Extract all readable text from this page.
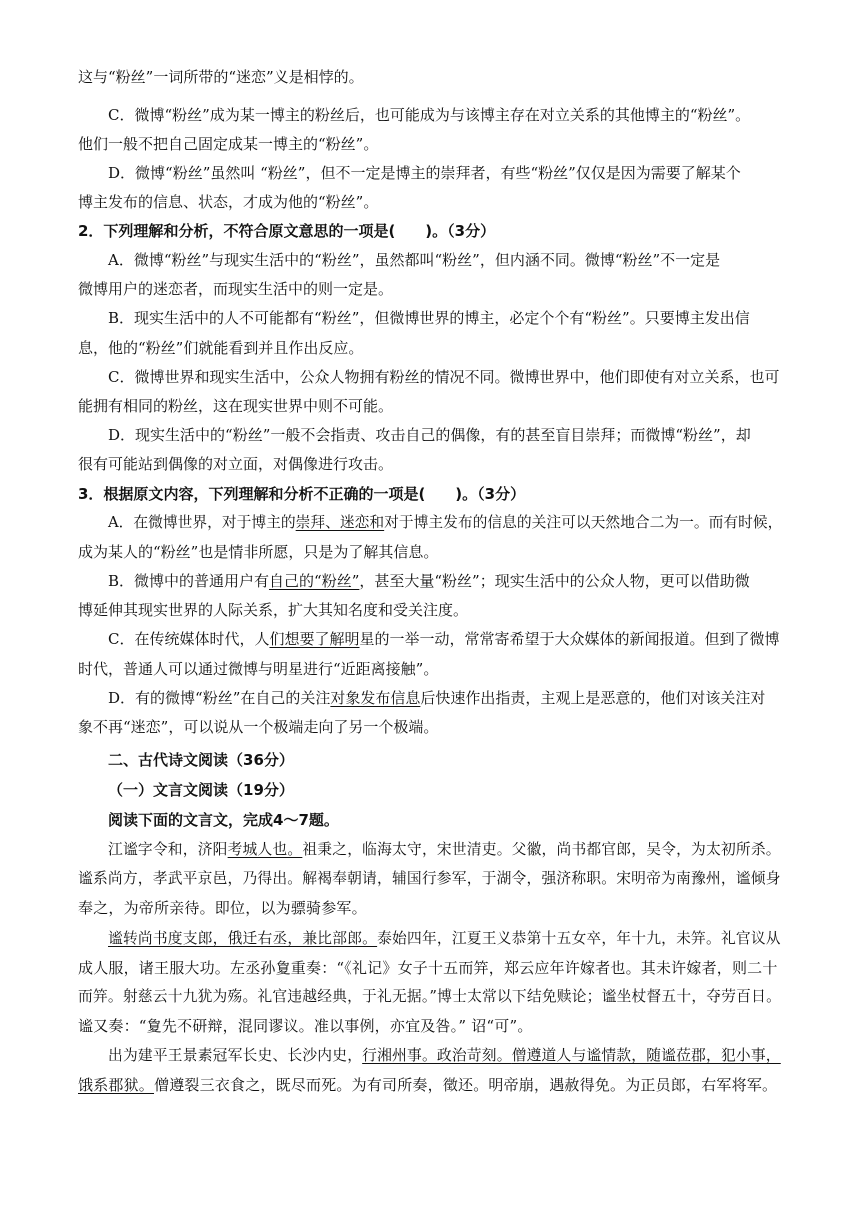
这与“粉丝”一词所带的“迷恋”义是相悖的。
C．微博“粉丝”成为某一博主的粉丝后，也可能成为与该博主存在对立关系的其他博主的“粉丝”。
他们一般不把自己固定成某一博主的“粉丝”。
D．微博“粉丝”虽然叫 “粉丝”，但不一定是博主的崇拜者，有些“粉丝”仅仅是因为需要了解某个
博主发布的信息、状态，才成为他的“粉丝”。
2．下列理解和分析，不符合原文意思的一项是(　　)。（3分）
A．微博“粉丝”与现实生活中的“粉丝”，虽然都叫“粉丝”，但内涵不同。微博“粉丝”不一定是
微博用户的迷恋者，而现实生活中的则一定是。
B．现实生活中的人不可能都有“粉丝”，但微博世界的博主，必定个个有“粉丝”。只要博主发出信
息，他的“粉丝”们就能看到并且作出反应。
C．微博世界和现实生活中，公众人物拥有粉丝的情况不同。微博世界中，他们即使有对立关系，也可
能拥有相同的粉丝，这在现实世界中则不可能。
D．现实生活中的“粉丝”一般不会指责、攻击自己的偶像，有的甚至盲目崇拜；而微博“粉丝”，却
很有可能站到偶像的对立面，对偶像进行攻击。
3．根据原文内容，下列理解和分析不正确的一项是(　　)。（3分）
A．在微博世界，对于博主的崇拜、迷恋和对于博主发布的信息的关注可以天然地合二为一。而有时候，
成为某人的“粉丝”也是情非所愿，只是为了解其信息。
B．微博中的普通用户有自己的“粉丝”，甚至大量“粉丝”；现实生活中的公众人物，更可以借助微
博延伸其现实世界的人际关系，扩大其知名度和受关注度。
C．在传统媒体时代，人们想要了解明星的一举一动，常常寄希望于大众媒体的新闻报道。但到了微博
时代，普通人可以通过微博与明星进行“近距离接触”。
D．有的微博“粉丝”在自己的关注对象发布信息后快速作出指责，主观上是恶意的，他们对该关注对
象不再“迷恋”，可以说从一个极端走向了另一个极端。
二、古代诗文阅读（36分）
（一）文言文阅读（19分）
阅读下面的文言文，完成4～7题。
江谧字令和，济阳考城人也。祖秉之，临海太守，宋世清吏。父徽，尚书都官郎，吴令，为太初所杀。
谧系尚方，孝武平京邑，乃得出。解褐奉朝请，辅国行参军，于湖令，强济称职。宋明帝为南豫州，谧倾身
奉之，为帝所亲待。即位，以为骠骑参军。
谧转尚书度支郎，俄迁右丞，兼比部郎。泰始四年，江夏王义恭第十五女卒，年十九，未笄。礼官议从
成人服，诸王服大功。左丞孙夐重奏：“《礼记》女子十五而笄，郑云应年许嫁者也。其未许嫁者，则二十
而笄。射慈云十九犹为殇。礼官违越经典，于礼无据。”博士太常以下结免赎论；谧坐杖督五十，夺劳百日。
谧又奏：“夐先不研辩，混同谬议。准以事例，亦宜及咎。” 诏“可”。
出为建平王景素冠军长史、长沙内史，行湘州事。政治苛刻。僧遵道人与谧情款，随谧莅郡，犯小事，
饿系郡狱。僧遵裂三衣食之，既尽而死。为有司所奏，徵还。明帝崩，遇赦得免。为正员郎，右军将军。
